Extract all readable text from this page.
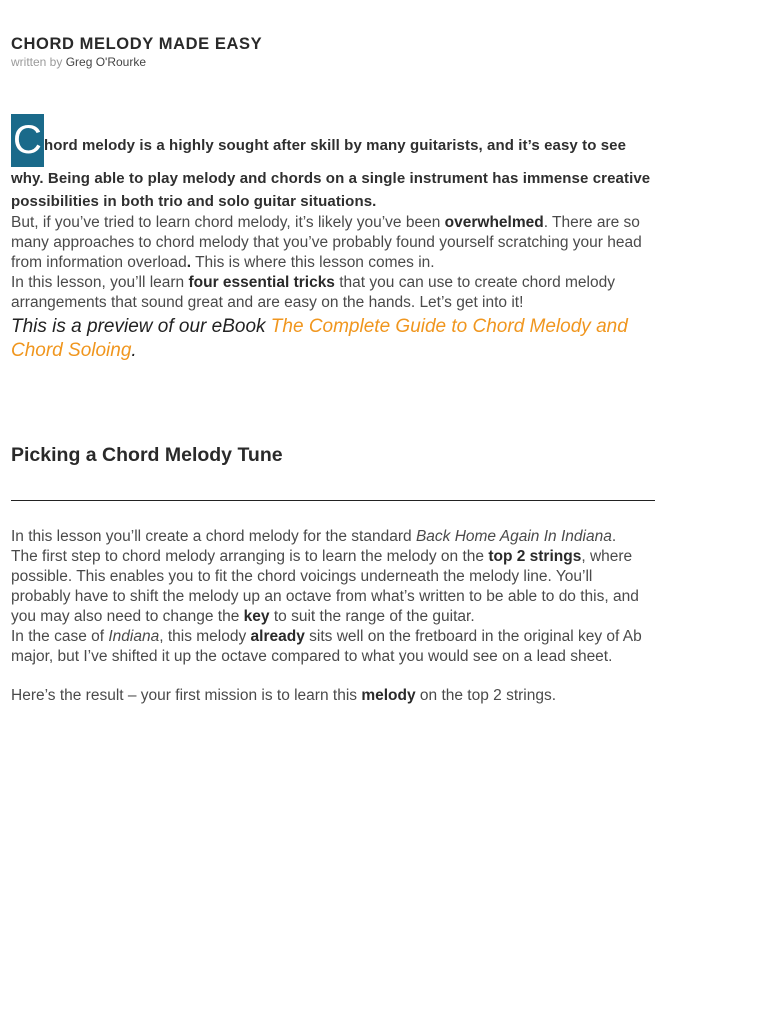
CHORD MELODY MADE EASY
written by Greg O'Rourke
C hord melody is a highly sought after skill by many guitarists, and it’s easy to see why. Being able to play melody and chords on a single instrument has immense creative possibilities in both trio and solo guitar situations.

But, if you’ve tried to learn chord melody, it’s likely you’ve been overwhelmed. There are so many approaches to chord melody that you’ve probably found yourself scratching your head from information overload. This is where this lesson comes in.

In this lesson, you’ll learn four essential tricks that you can use to create chord melody arrangements that sound great and are easy on the hands. Let’s get into it!

This is a preview of our eBook The Complete Guide to Chord Melody and Chord Soloing.
Picking a Chord Melody Tune

In this lesson you’ll create a chord melody for the standard Back Home Again In Indiana.

The first step to chord melody arranging is to learn the melody on the top 2 strings, where possible. This enables you to fit the chord voicings underneath the melody line. You’ll probably have to shift the melody up an octave from what’s written to be able to do this, and you may also need to change the key to suit the range of the guitar.

In the case of Indiana, this melody already sits well on the fretboard in the original key of Ab major, but I’ve shifted it up the octave compared to what you would see on a lead sheet.

Here’s the result – your first mission is to learn this melody on the top 2 strings.
